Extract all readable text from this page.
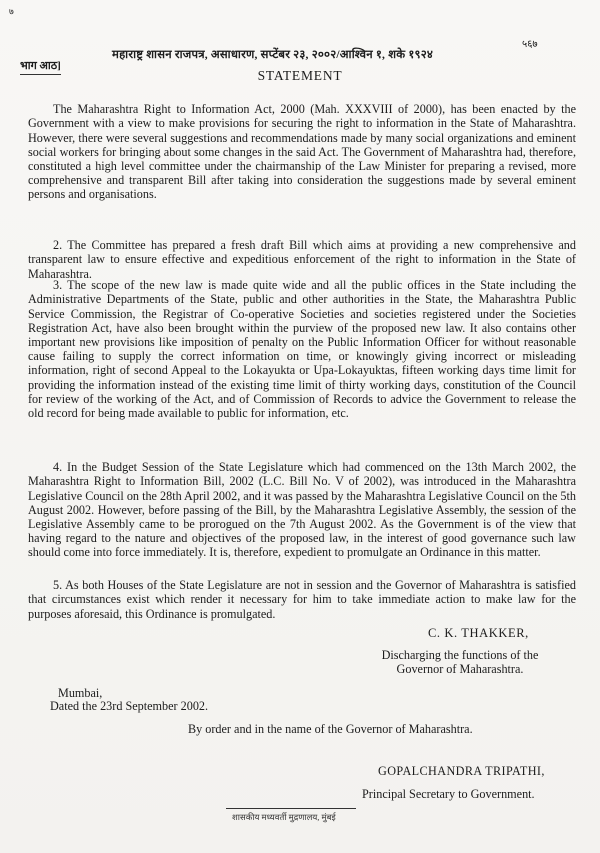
७
भाग आठ]
महाराष्ट्र शासन राजपत्र, असाधारण, सप्टेंबर २३, २००२/आश्विन १, शके १९२४
५६७
STATEMENT

The Maharashtra Right to Information Act, 2000 (Mah. XXXVIII of 2000), has been enacted by the Government with a view to make provisions for securing the right to information in the State of Maharashtra. However, there were several suggestions and recommendations made by many social organizations and eminent social workers for bringing about some changes in the said Act. The Government of Maharashtra had, therefore, constituted a high level committee under the chairmanship of the Law Minister for preparing a revised, more comprehensive and transparent Bill after taking into consideration the suggestions made by several eminent persons and organisations.

2. The Committee has prepared a fresh draft Bill which aims at providing a new comprehensive and transparent law to ensure effective and expeditious enforcement of the right to information in the State of Maharashtra.

3. The scope of the new law is made quite wide and all the public offices in the State including the Administrative Departments of the State, public and other authorities in the State, the Maharashtra Public Service Commission, the Registrar of Co-operative Societies and societies registered under the Societies Registration Act, have also been brought within the purview of the proposed new law. It also contains other important new provisions like imposition of penalty on the Public Information Officer for without reasonable cause failing to supply the correct information on time, or knowingly giving incorrect or misleading information, right of second Appeal to the Lokayukta or Upa-Lokayuktas, fifteen working days time limit for providing the information instead of the existing time limit of thirty working days, constitution of the Council for review of the working of the Act, and of Commission of Records to advice the Government to release the old record for being made available to public for information, etc.

4. In the Budget Session of the State Legislature which had commenced on the 13th March 2002, the Maharashtra Right to Information Bill, 2002 (L.C. Bill No. V of 2002), was introduced in the Maharashtra Legislative Council on the 28th April 2002, and it was passed by the Maharashtra Legislative Council on the 5th August 2002. However, before passing of the Bill, by the Maharashtra Legislative Assembly, the session of the Legislative Assembly came to be prorogued on the 7th August 2002. As the Government is of the view that having regard to the nature and objectives of the proposed law, in the interest of good governance such law should come into force immediately. It is, therefore, expedient to promulgate an Ordinance in this matter.

5. As both Houses of the State Legislature are not in session and the Governor of Maharashtra is satisfied that circumstances exist which render it necessary for him to take immediate action to make law for the purposes aforesaid, this Ordinance is promulgated.

C. K. THAKKER,
Discharging the functions of the
Governor of Maharashtra.
Mumbai,
Dated the 23rd September 2002.
By order and in the name of the Governor of Maharashtra.
GOPALCHANDRA TRIPATHI,
Principal Secretary to Government.
शासकीय मध्यवर्ती मुद्रणालय, मुंबई
